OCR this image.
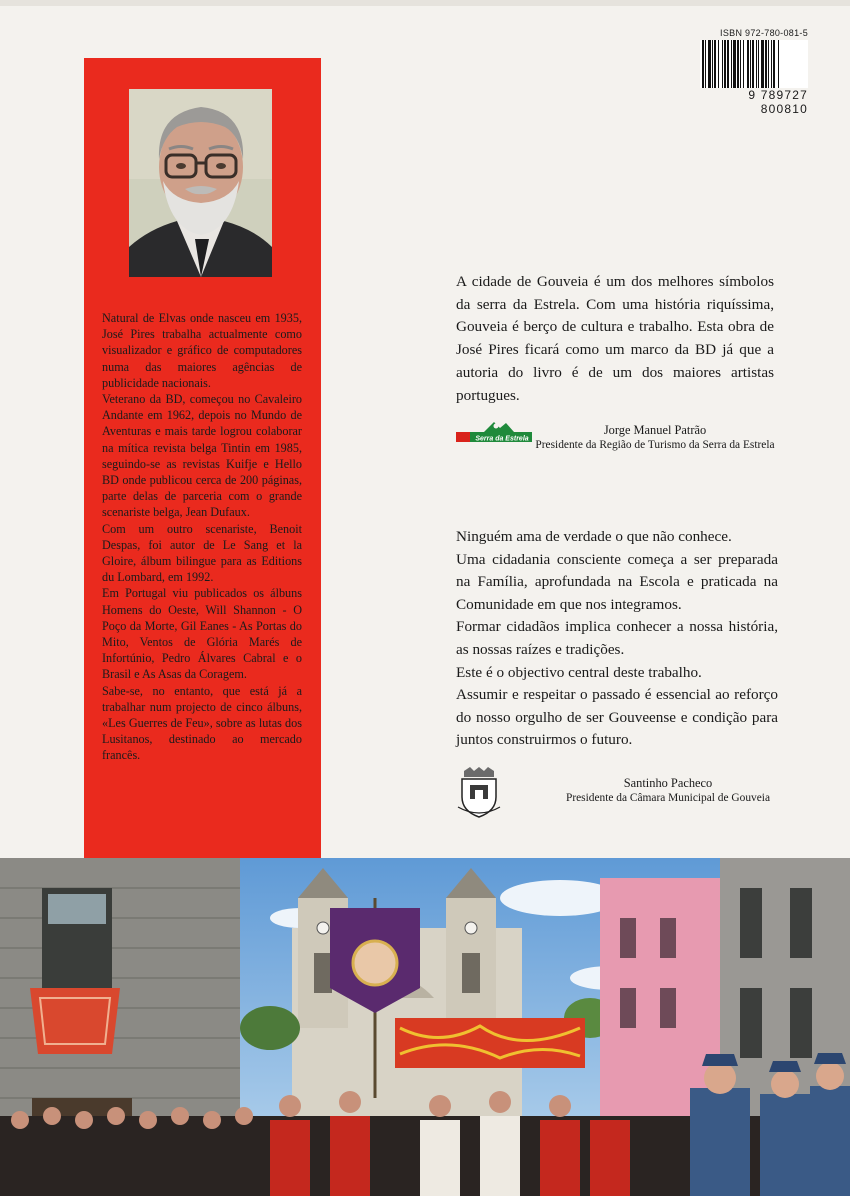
Natural de Elvas onde nasceu em 1935, José Pires trabalha actualmente como visualizador e gráfico de computadores numa das maiores agências de publicidade nacionais.

Veterano da BD, começou no Cavaleiro Andante em 1962, depois no Mundo de Aventuras e mais tarde logrou colaborar na mítica revista belga Tintin em 1985, seguindo-se as revistas Kuifje e Hello BD onde publicou cerca de 200 páginas, parte delas de parceria com o grande scenariste belga, Jean Dufaux.

Com um outro scenariste, Benoit Despas, foi autor de Le Sang et la Gloire, álbum bilingue para as Editions du Lombard, em 1992.

Em Portugal viu publicados os álbuns Homens do Oeste, Will Shannon - O Poço da Morte, Gil Eanes - As Portas do Mito, Ventos de Glória Marés de Infortúnio, Pedro Álvares Cabral e o Brasil e As Asas da Coragem.

Sabe-se, no entanto, que está já a trabalhar num projecto de cinco álbuns, «Les Guerres de Feu», sobre as lutas dos Lusitanos, destinado ao mercado francês.

ISBN 972-780-081-5
9 789727 800810

A cidade de Gouveia é um dos melhores símbolos da serra da Estrela. Com uma história riquíssima, Gouveia é berço de cultura e trabalho. Esta obra de José Pires ficará como um marco da BD já que a autoria do livro é de um dos maiores artistas portugues.

Serra da Estrela
Jorge Manuel Patrão
Presidente da Região de Turismo da Serra da Estrela

Ninguém ama de verdade o que não conhece.

Uma cidadania consciente começa a ser preparada na Família, aprofundada na Escola e praticada na Comunidade em que nos integramos.

Formar cidadãos implica conhecer a nossa história, as nossas raízes e tradições.

Este é o objectivo central deste trabalho.

Assumir e respeitar o passado é essencial ao reforço do nosso orgulho de ser Gouveense e condição para juntos construirmos o futuro.

Santinho Pacheco
Presidente da Câmara Municipal de Gouveia
